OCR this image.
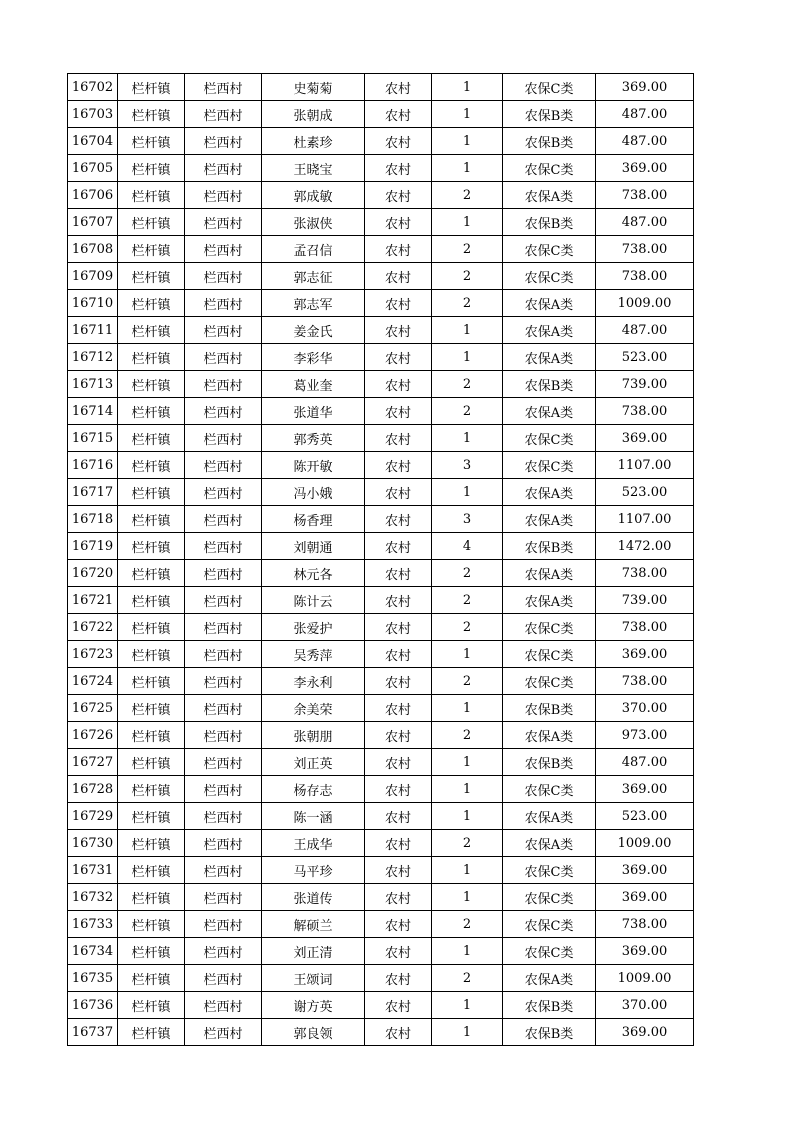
16702	栏杆镇	栏西村	史菊菊	农村	1	农保C类	369.00
16703	栏杆镇	栏西村	张朝成	农村	1	农保B类	487.00
16704	栏杆镇	栏西村	杜素珍	农村	1	农保B类	487.00
16705	栏杆镇	栏西村	王晓宝	农村	1	农保C类	369.00
16706	栏杆镇	栏西村	郭成敏	农村	2	农保A类	738.00
16707	栏杆镇	栏西村	张淑侠	农村	1	农保B类	487.00
16708	栏杆镇	栏西村	孟召信	农村	2	农保C类	738.00
16709	栏杆镇	栏西村	郭志征	农村	2	农保C类	738.00
16710	栏杆镇	栏西村	郭志军	农村	2	农保A类	1009.00
16711	栏杆镇	栏西村	姜金氏	农村	1	农保A类	487.00
16712	栏杆镇	栏西村	李彩华	农村	1	农保A类	523.00
16713	栏杆镇	栏西村	葛业奎	农村	2	农保B类	739.00
16714	栏杆镇	栏西村	张道华	农村	2	农保A类	738.00
16715	栏杆镇	栏西村	郭秀英	农村	1	农保C类	369.00
16716	栏杆镇	栏西村	陈开敏	农村	3	农保C类	1107.00
16717	栏杆镇	栏西村	冯小娥	农村	1	农保A类	523.00
16718	栏杆镇	栏西村	杨香理	农村	3	农保A类	1107.00
16719	栏杆镇	栏西村	刘朝通	农村	4	农保B类	1472.00
16720	栏杆镇	栏西村	林元各	农村	2	农保A类	738.00
16721	栏杆镇	栏西村	陈计云	农村	2	农保A类	739.00
16722	栏杆镇	栏西村	张爱护	农村	2	农保C类	738.00
16723	栏杆镇	栏西村	吴秀萍	农村	1	农保C类	369.00
16724	栏杆镇	栏西村	李永利	农村	2	农保C类	738.00
16725	栏杆镇	栏西村	余美荣	农村	1	农保B类	370.00
16726	栏杆镇	栏西村	张朝朋	农村	2	农保A类	973.00
16727	栏杆镇	栏西村	刘正英	农村	1	农保B类	487.00
16728	栏杆镇	栏西村	杨存志	农村	1	农保C类	369.00
16729	栏杆镇	栏西村	陈一涵	农村	1	农保A类	523.00
16730	栏杆镇	栏西村	王成华	农村	2	农保A类	1009.00
16731	栏杆镇	栏西村	马平珍	农村	1	农保C类	369.00
16732	栏杆镇	栏西村	张道传	农村	1	农保C类	369.00
16733	栏杆镇	栏西村	解硕兰	农村	2	农保C类	738.00
16734	栏杆镇	栏西村	刘正清	农村	1	农保C类	369.00
16735	栏杆镇	栏西村	王颂词	农村	2	农保A类	1009.00
16736	栏杆镇	栏西村	谢方英	农村	1	农保B类	370.00
16737	栏杆镇	栏西村	郭良领	农村	1	农保B类	369.00
